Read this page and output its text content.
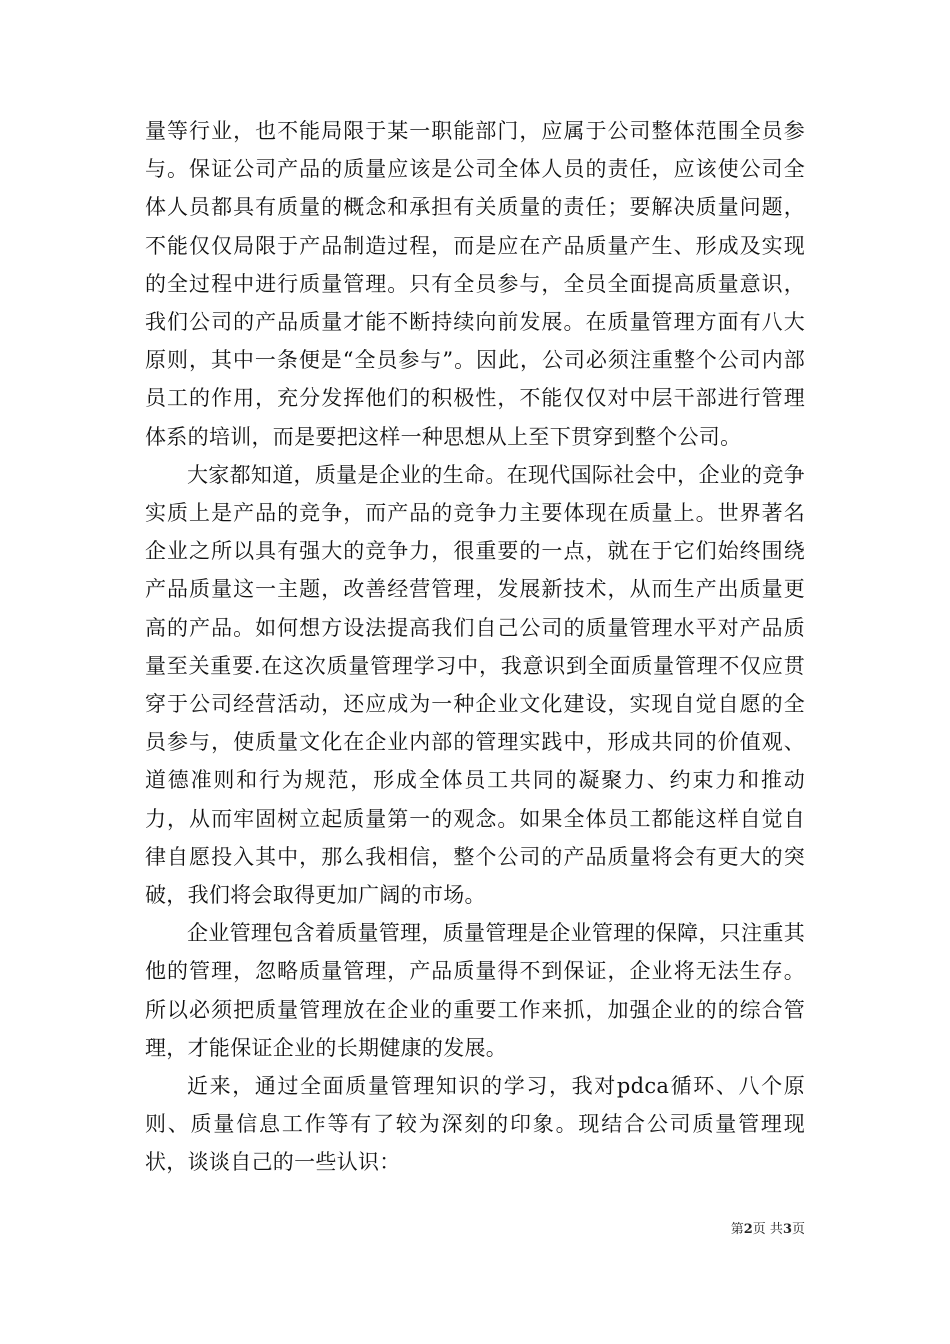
量等行业，也不能局限于某一职能部门，应属于公司整体范围全员参与。保证公司产品的质量应该是公司全体人员的责任，应该使公司全体人员都具有质量的概念和承担有关质量的责任；要解决质量问题，不能仅仅局限于产品制造过程，而是应在产品质量产生、形成及实现的全过程中进行质量管理。只有全员参与，全员全面提高质量意识，我们公司的产品质量才能不断持续向前发展。在质量管理方面有八大原则，其中一条便是“全员参与”。因此，公司必须注重整个公司内部员工的作用，充分发挥他们的积极性，不能仅仅对中层干部进行管理体系的培训，而是要把这样一种思想从上至下贯穿到整个公司。

大家都知道，质量是企业的生命。在现代国际社会中，企业的竞争实质上是产品的竞争，而产品的竞争力主要体现在质量上。世界著名企业之所以具有强大的竞争力，很重要的一点，就在于它们始终围绕产品质量这一主题，改善经营管理，发展新技术，从而生产出质量更高的产品。如何想方设法提高我们自己公司的质量管理水平对产品质量至关重要.在这次质量管理学习中，我意识到全面质量管理不仅应贯穿于公司经营活动，还应成为一种企业文化建设，实现自觉自愿的全员参与，使质量文化在企业内部的管理实践中，形成共同的价值观、道德准则和行为规范，形成全体员工共同的凝聚力、约束力和推动力，从而牢固树立起质量第一的观念。如果全体员工都能这样自觉自律自愿投入其中，那么我相信，整个公司的产品质量将会有更大的突破，我们将会取得更加广阔的市场。

企业管理包含着质量管理，质量管理是企业管理的保障，只注重其他的管理，忽略质量管理，产品质量得不到保证，企业将无法生存。所以必须把质量管理放在企业的重要工作来抓，加强企业的的综合管理，才能保证企业的长期健康的发展。

近来，通过全面质量管理知识的学习，我对pdca循环、八个原则、质量信息工作等有了较为深刻的印象。现结合公司质量管理现状，谈谈自己的一些认识：

第2页 共3页
